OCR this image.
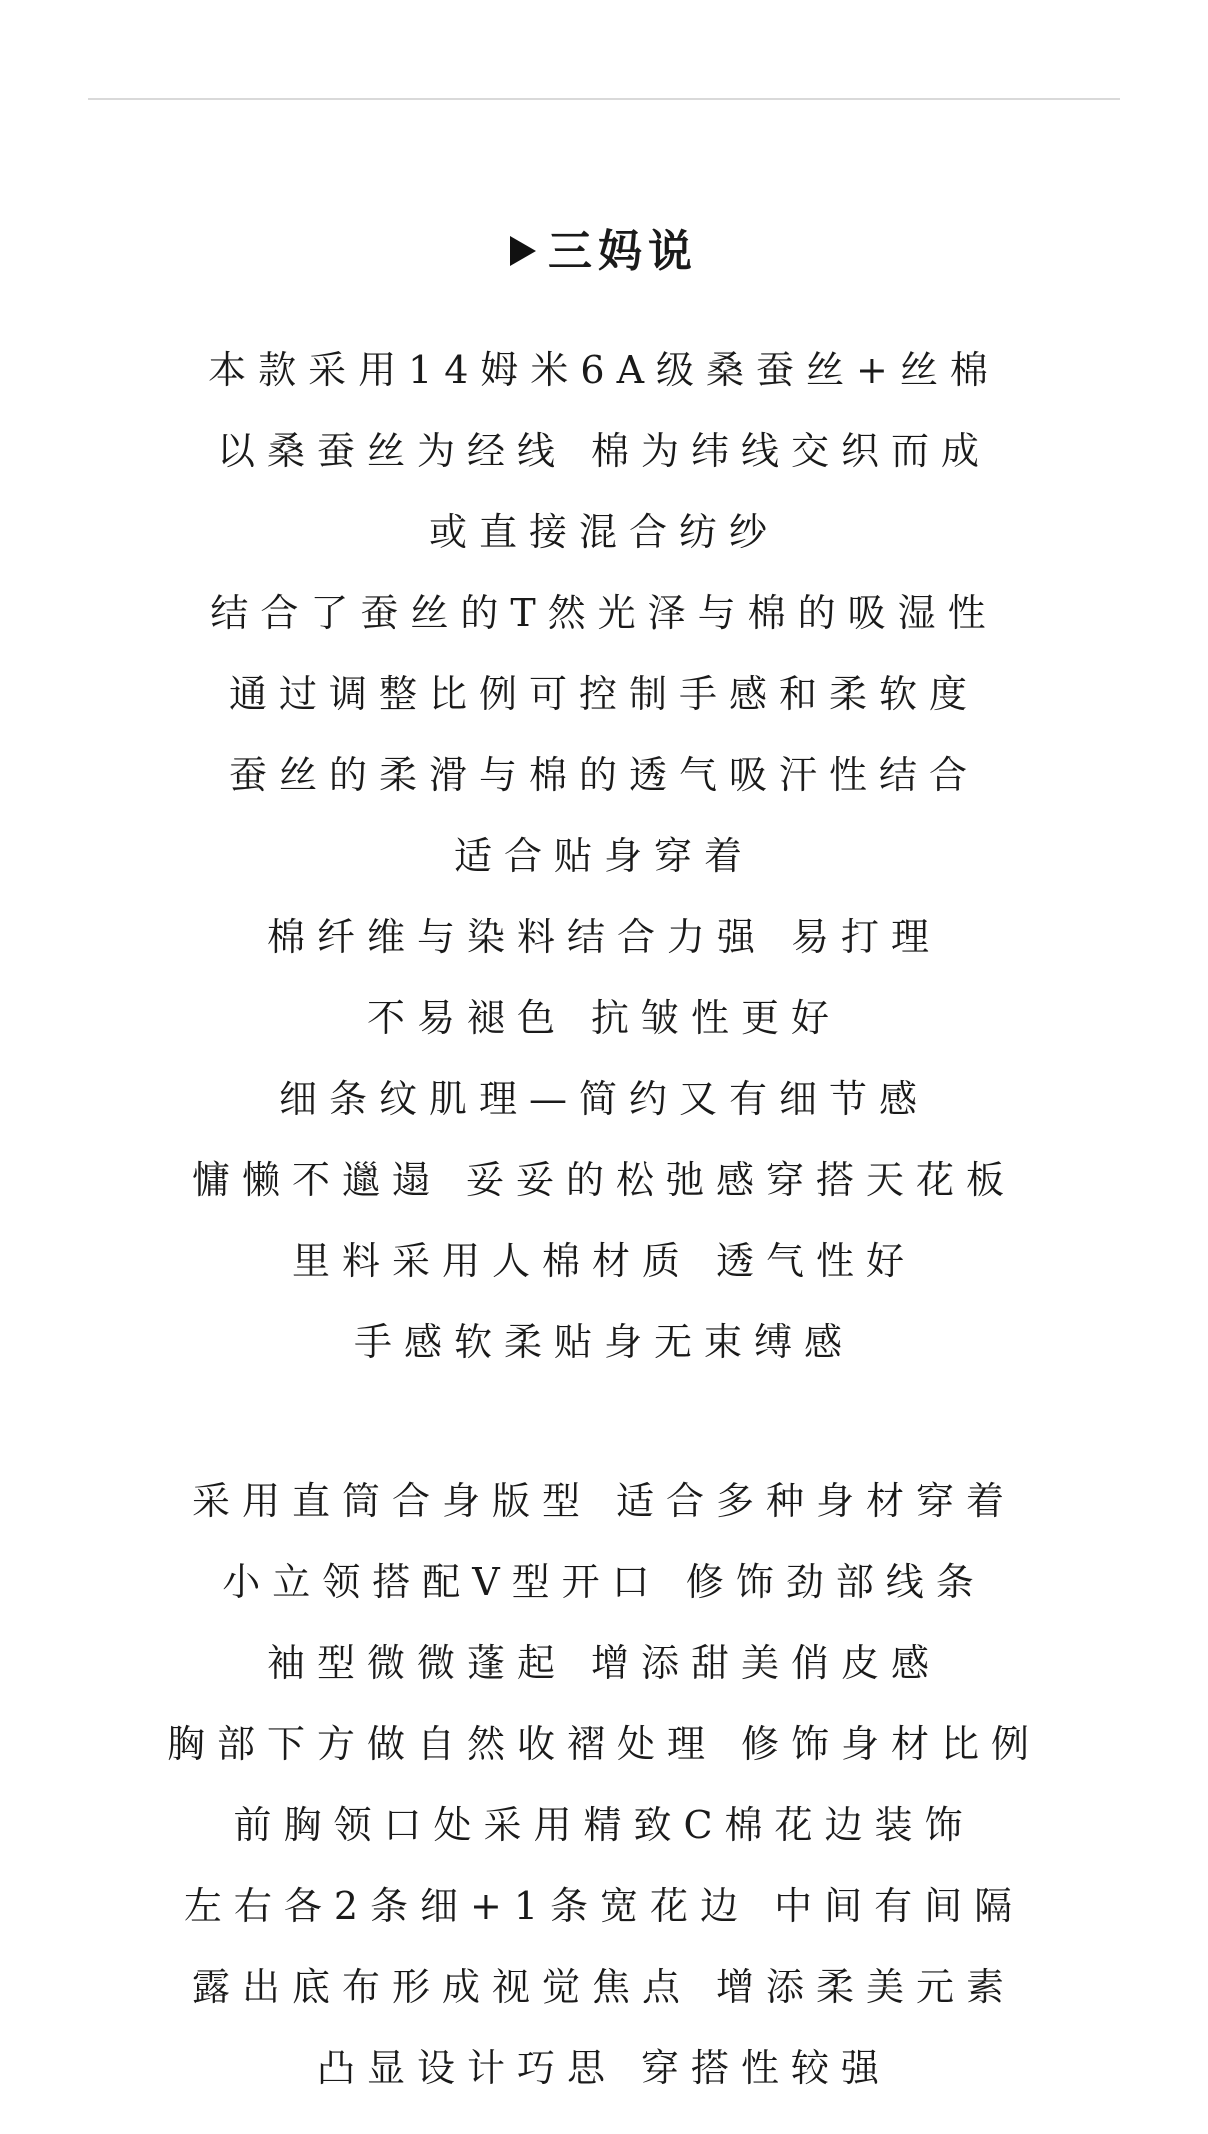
三妈说
本款采用14姆米6A级桑蚕丝+丝棉
以桑蚕丝为经线 棉为纬线交织而成
或直接混合纺纱
结合了蚕丝的T然光泽与棉的吸湿性
通过调整比例可控制手感和柔软度
蚕丝的柔滑与棉的透气吸汗性结合
适合贴身穿着
棉纤维与染料结合力强 易打理
不易褪色 抗皱性更好
细条纹肌理—简约又有细节感
慵懒不邋遢 妥妥的松弛感穿搭天花板
里料采用人棉材质 透气性好
手感软柔贴身无束缚感
采用直筒合身版型 适合多种身材穿着
小立领搭配V型开口 修饰劲部线条
袖型微微蓬起 增添甜美俏皮感
胸部下方做自然收褶处理 修饰身材比例
前胸领口处采用精致C棉花边装饰
左右各2条细+1条宽花边 中间有间隔
露出底布形成视觉焦点 增添柔美元素
凸显设计巧思 穿搭性较强
